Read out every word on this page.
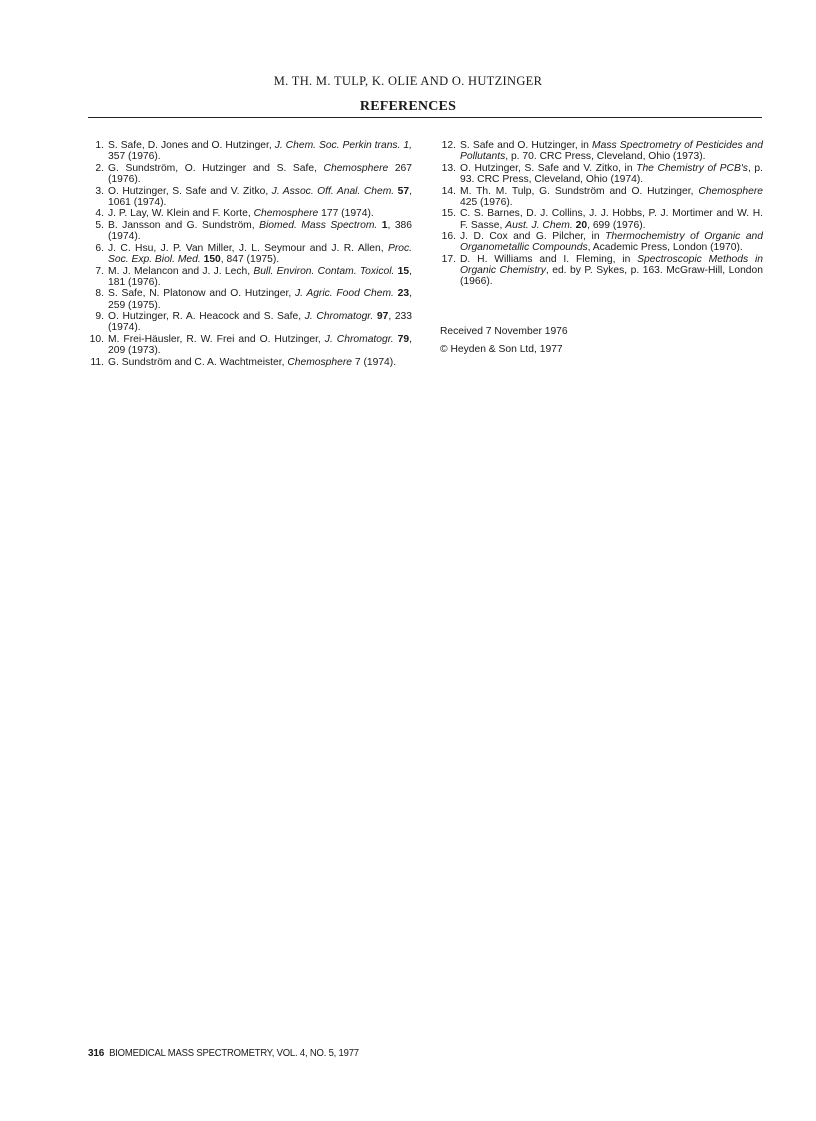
M. TH. M. TULP, K. OLIE AND O. HUTZINGER
REFERENCES
1. S. Safe, D. Jones and O. Hutzinger, J. Chem. Soc. Perkin trans. 1, 357 (1976).
2. G. Sundström, O. Hutzinger and S. Safe, Chemosphere 267 (1976).
3. O. Hutzinger, S. Safe and V. Zitko, J. Assoc. Off. Anal. Chem. 57, 1061 (1974).
4. J. P. Lay, W. Klein and F. Korte, Chemosphere 177 (1974).
5. B. Jansson and G. Sundström, Biomed. Mass Spectrom. 1, 386 (1974).
6. J. C. Hsu, J. P. Van Miller, J. L. Seymour and J. R. Allen, Proc. Soc. Exp. Biol. Med. 150, 847 (1975).
7. M. J. Melancon and J. J. Lech, Bull. Environ. Contam. Toxicol. 15, 181 (1976).
8. S. Safe, N. Platonow and O. Hutzinger, J. Agric. Food Chem. 23, 259 (1975).
9. O. Hutzinger, R. A. Heacock and S. Safe, J. Chromatogr. 97, 233 (1974).
10. M. Frei-Häusler, R. W. Frei and O. Hutzinger, J. Chromatogr. 79, 209 (1973).
11. G. Sundström and C. A. Wachtmeister, Chemosphere 7 (1974).
12. S. Safe and O. Hutzinger, in Mass Spectrometry of Pesticides and Pollutants, p. 70. CRC Press, Cleveland, Ohio (1973).
13. O. Hutzinger, S. Safe and V. Zitko, in The Chemistry of PCB's, p. 93. CRC Press, Cleveland, Ohio (1974).
14. M. Th. M. Tulp, G. Sundström and O. Hutzinger, Chemosphere 425 (1976).
15. C. S. Barnes, D. J. Collins, J. J. Hobbs, P. J. Mortimer and W. H. F. Sasse, Aust. J. Chem. 20, 699 (1976).
16. J. D. Cox and G. Pilcher, in Thermochemistry of Organic and Organometallic Compounds, Academic Press, London (1970).
17. D. H. Williams and I. Fleming, in Spectroscopic Methods in Organic Chemistry, ed. by P. Sykes, p. 163. McGraw-Hill, London (1966).
Received 7 November 1976
© Heyden & Son Ltd, 1977
316 BIOMEDICAL MASS SPECTROMETRY, VOL. 4, NO. 5, 1977
